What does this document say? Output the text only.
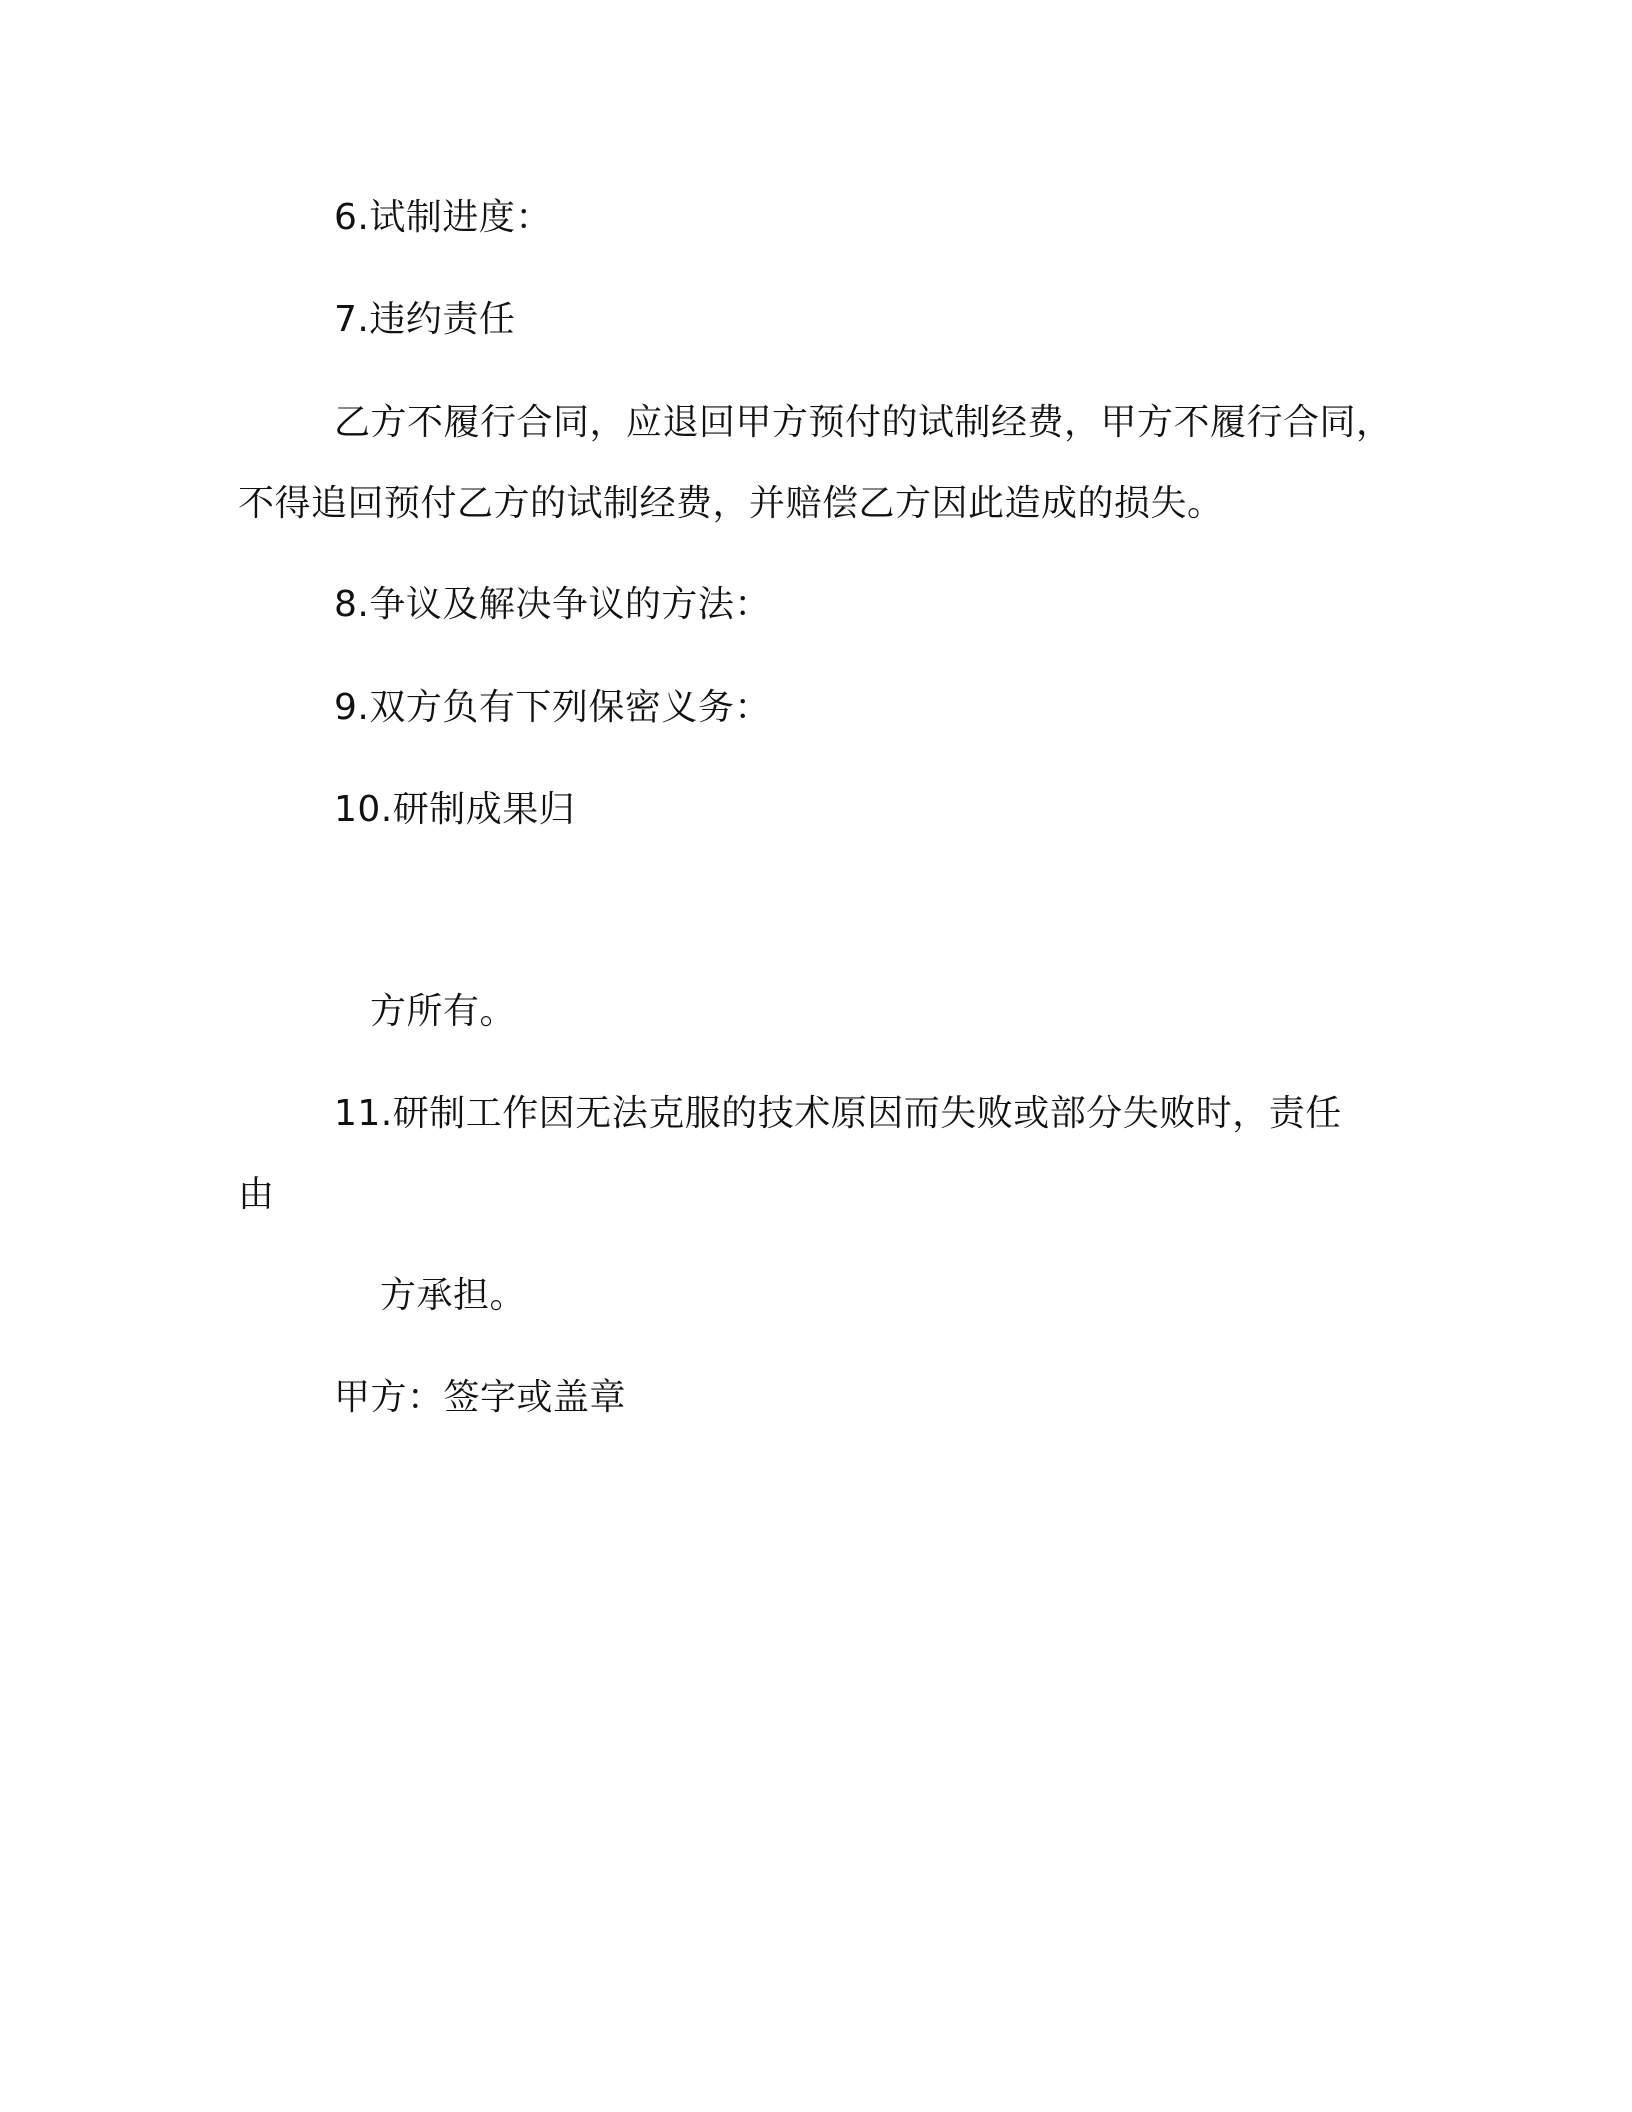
6.试制进度：
7.违约责任
乙方不履行合同，应退回甲方预付的试制经费，甲方不履行合同，
不得追回预付乙方的试制经费，并赔偿乙方因此造成的损失。
8.争议及解决争议的方法：
9.双方负有下列保密义务：
10.研制成果归
方所有。
11.研制工作因无法克服的技术原因而失败或部分失败时，责任
由
方承担。
甲方：签字或盖章
